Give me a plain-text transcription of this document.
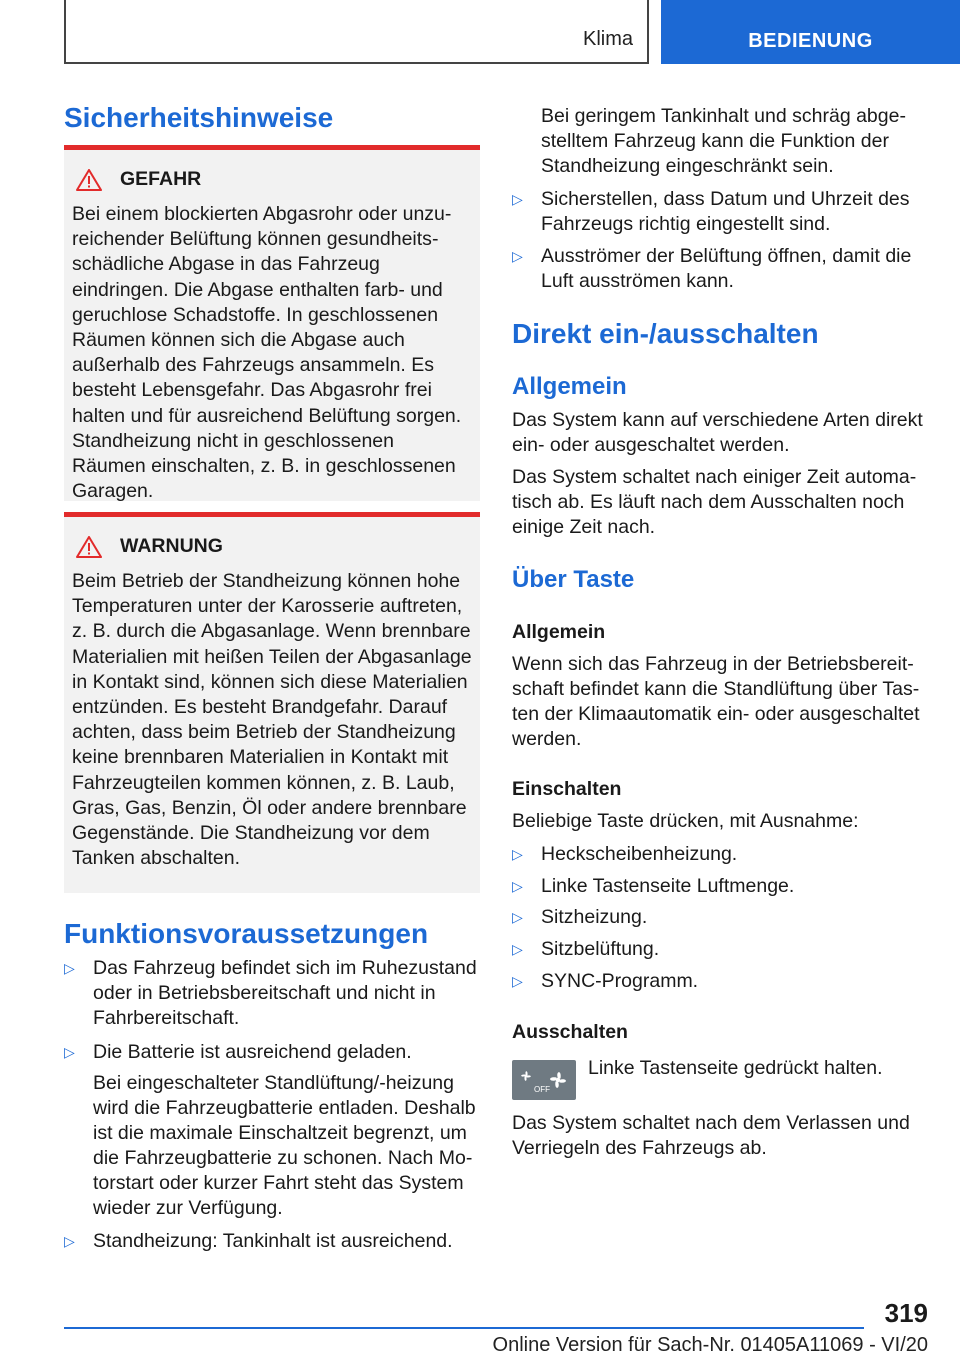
Klima	BEDIENUNG
Sicherheitshinweise
GEFAHR

Bei einem blockierten Abgasrohr oder unzureichender Belüftung können gesundheitsschädliche Abgase in das Fahrzeug eindringen. Die Abgase enthalten farb- und geruchlose Schadstoffe. In geschlossenen Räumen können sich die Abgase auch außerhalb des Fahrzeugs ansammeln. Es besteht Lebensgefahr. Das Abgasrohr frei halten und für ausreichend Belüftung sorgen. Standheizung nicht in geschlossenen Räumen einschalten, z. B. in geschlossenen Garagen.

WARNUNG

Beim Betrieb der Standheizung können hohe Temperaturen unter der Karosserie auftreten, z. B. durch die Abgasanlage. Wenn brennbare Materialien mit heißen Teilen der Abgasanlage in Kontakt sind, können sich diese Materialien entzünden. Es besteht Brandgefahr. Darauf achten, dass beim Betrieb der Standheizung keine brennbaren Materialien in Kontakt mit Fahrzeugteilen kommen können, z. B. Laub, Gras, Gas, Benzin, Öl oder andere brennbare Gegenstände. Die Standheizung vor dem Tanken abschalten.

Funktionsvoraussetzungen
▷ Das Fahrzeug befindet sich im Ruhezustand oder in Betriebsbereitschaft und nicht in Fahrbereitschaft.
▷ Die Batterie ist ausreichend geladen.

Bei eingeschalteter Standlüftung/-heizung wird die Fahrzeugbatterie entladen. Deshalb ist die maximale Einschaltzeit begrenzt, um die Fahrzeugbatterie zu schonen. Nach Motorstart oder kurzer Fahrt steht das System wieder zur Verfügung.

▷ Standheizung: Tankinhalt ist ausreichend.

Bei geringem Tankinhalt und schräg abgestelltem Fahrzeug kann die Funktion der Standheizung eingeschränkt sein.

▷ Sicherstellen, dass Datum und Uhrzeit des Fahrzeugs richtig eingestellt sind.
▷ Ausströmer der Belüftung öffnen, damit die Luft ausströmen kann.
Direkt ein-/ausschalten
Allgemein

Das System kann auf verschiedene Arten direkt ein- oder ausgeschaltet werden.

Das System schaltet nach einiger Zeit automatisch ab. Es läuft nach dem Ausschalten noch einige Zeit nach.

Über Taste
Allgemein

Wenn sich das Fahrzeug in der Betriebsbereitschaft befindet kann die Standlüftung über Tasten der Klimaautomatik ein- oder ausgeschaltet werden.

Einschalten

Beliebige Taste drücken, mit Ausnahme:

▷ Heckscheibenheizung.
▷ Linke Tastenseite Luftmenge.
▷ Sitzheizung.
▷ Sitzbelüftung.
▷ SYNC-Programm.
Ausschalten
OFF

Linke Tastenseite gedrückt halten.

Das System schaltet nach dem Verlassen und Verriegeln des Fahrzeugs ab.

319
Online Version für Sach-Nr. 01405A11069 - VI/20
